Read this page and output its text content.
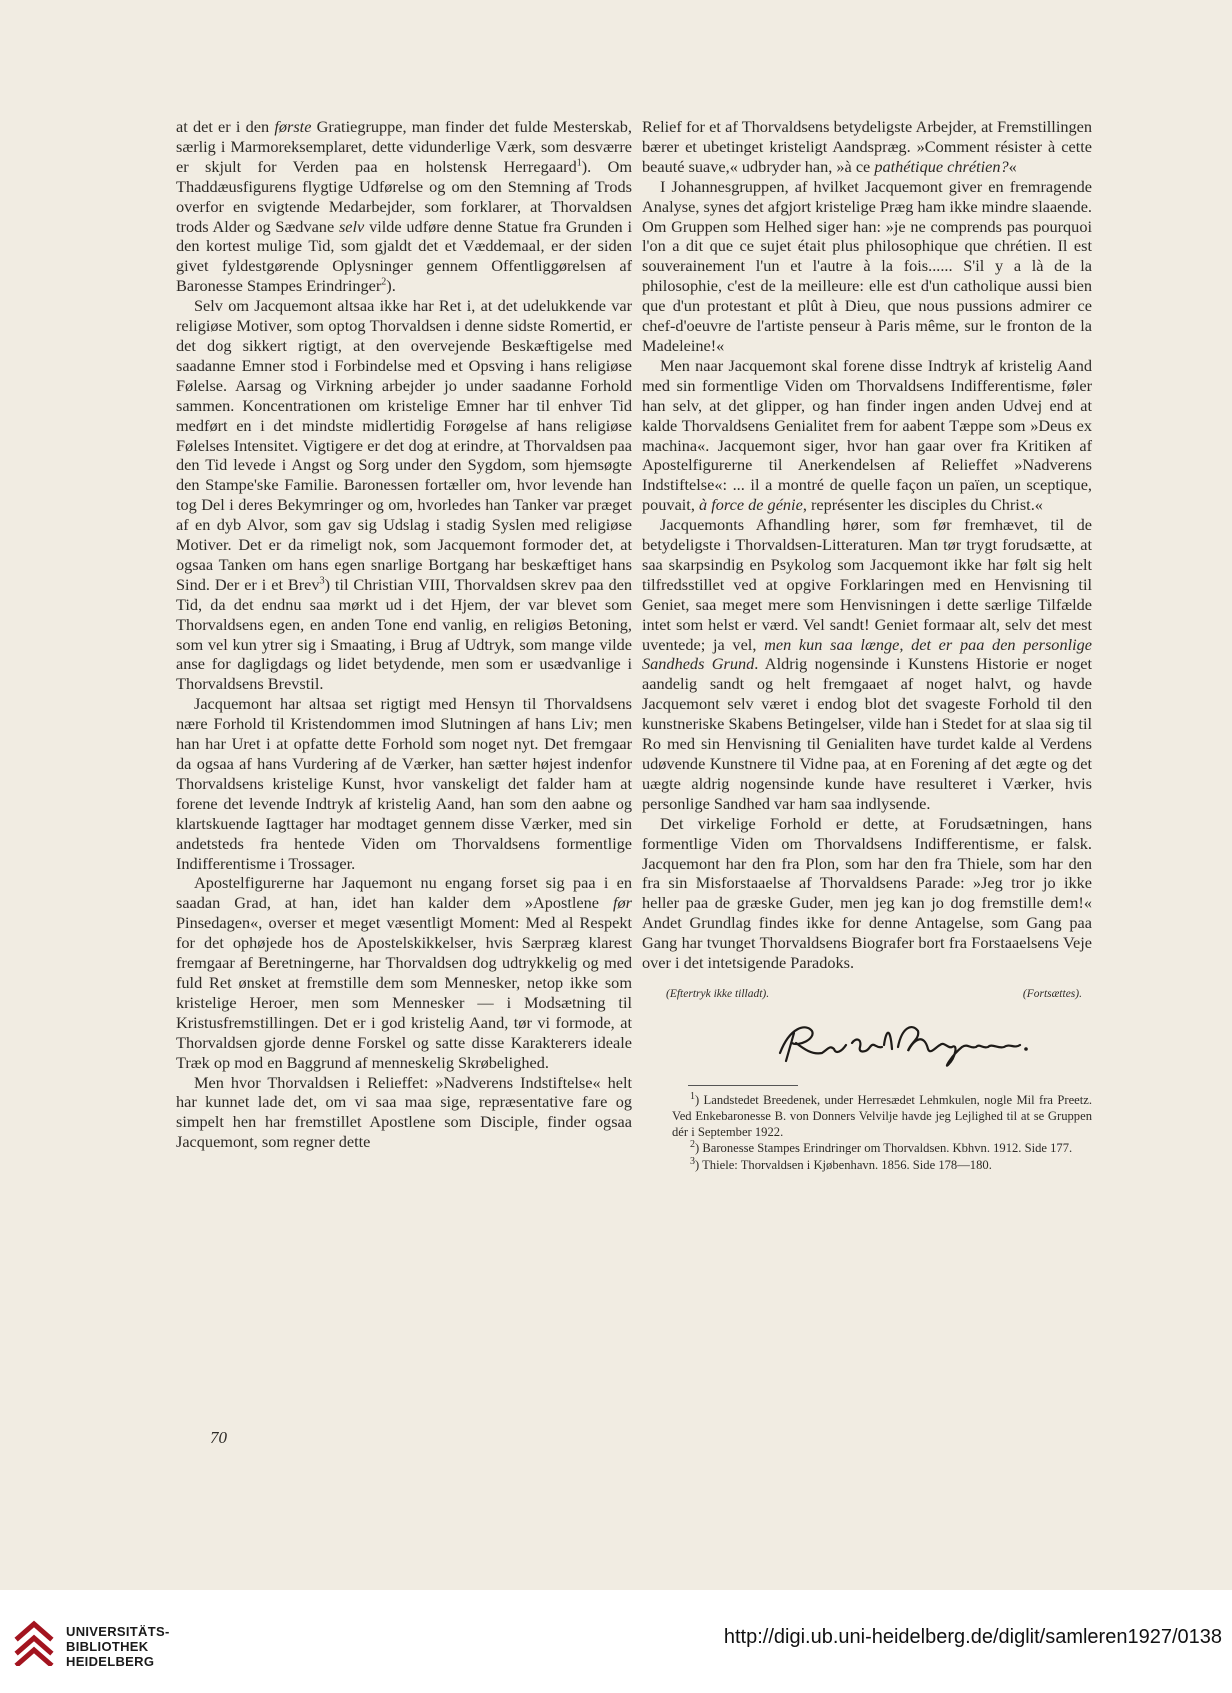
at det er i den første Gratiegruppe, man finder det fulde Mesterskab, særlig i Marmoreksemplaret, dette vidunderlige Værk, som desværre er skjult for Verden paa en holstensk Herregaard$^1$). Om Thaddæusfigurens flygtige Udførelse og om den Stemning af Trods overfor en svigtende Medarbejder, som forklarer, at Thorvaldsen trods Alder og Sædvane selv vilde udføre denne Statue fra Grunden i den kortest mulige Tid, som gjaldt det et Væddemaal, er der siden givet fyldestgørende Oplysninger gennem Offentliggørelsen af Baronesse Stampes Erindringer$^2$).

Selv om Jacquemont altsaa ikke har Ret i, at det udelukkende var religiøse Motiver, som optog Thorvaldsen i denne sidste Romertid, er det dog sikkert rigtigt, at den overvejende Beskæftigelse med saadanne Emner stod i Forbindelse med et Opsving i hans religiøse Følelse. Aarsag og Virkning arbejder jo under saadanne Forhold sammen. Koncentrationen om kristelige Emner har til enhver Tid medført en i det mindste midlertidig Forøgelse af hans religiøse Følelses Intensitet. Vigtigere er det dog at erindre, at Thorvaldsen paa den Tid levede i Angst og Sorg under den Sygdom, som hjemsøgte den Stampe'ske Familie. Baronessen fortæller om, hvor levende han tog Del i deres Bekymringer og om, hvorledes han Tanker var præget af en dyb Alvor, som gav sig Udslag i stadig Syslen med religiøse Motiver. Det er da rimeligt nok, som Jacquemont formoder det, at ogsaa Tanken om hans egen snarlige Bortgang har beskæftiget hans Sind. Der er i et Brev$^3$) til Christian VIII, Thorvaldsen skrev paa den Tid, da det endnu saa mørkt ud i det Hjem, der var blevet som Thorvaldsens egen, en anden Tone end vanlig, en religiøs Betoning, som vel kun ytrer sig i Smaating, i Brug af Udtryk, som mange vilde anse for dagligdags og lidet betydende, men som er usædvanlige i Thorvaldsens Brevstil.

Jacquemont har altsaa set rigtigt med Hensyn til Thorvaldsens nære Forhold til Kristendommen imod Slutningen af hans Liv; men han har Uret i at opfatte dette Forhold som noget nyt. Det fremgaar da ogsaa af hans Vurdering af de Værker, han sætter højest indenfor Thorvaldsens kristelige Kunst, hvor vanskeligt det falder ham at forene det levende Indtryk af kristelig Aand, han som den aabne og klartskuende Iagttager har modtaget gennem disse Værker, med sin andetsteds fra hentede Viden om Thorvaldsens formentlige Indifferentisme i Trossager.

Apostelfigurerne har Jaquemont nu engang forset sig paa i en saadan Grad, at han, idet han kalder dem »Apostlene før Pinsedagen«, overser et meget væsentligt Moment: Med al Respekt for det ophøjede hos de Apostelskikkelser, hvis Særpræg klarest fremgaar af Beretningerne, har Thorvaldsen dog udtrykkelig og med fuld Ret ønsket at fremstille dem som Mennesker, netop ikke som kristelige Heroer, men som Mennesker — i Modsætning til Kristusfremstillingen. Det er i god kristelig Aand, tør vi formode, at Thorvaldsen gjorde denne Forskel og satte disse Karakterers ideale Træk op mod en Baggrund af menneskelig Skrøbelighed.

Men hvor Thorvaldsen i Relieffet: »Nadverens Indstiftelse« helt har kunnet lade det, om vi saa maa sige, repræsentative fare og simpelt hen har fremstillet Apostlene som Disciple, finder ogsaa Jacquemont, som regner dette

Relief for et af Thorvaldsens betydeligste Arbejder, at Fremstillingen bærer et ubetinget kristeligt Aandspræg. »Comment résister à cette beauté suave,« udbryder han, »à ce pathétique chrétien?«

I Johannesgruppen, af hvilket Jacquemont giver en fremragende Analyse, synes det afgjort kristelige Præg ham ikke mindre slaaende. Om Gruppen som Helhed siger han: »je ne comprends pas pourquoi l'on a dit que ce sujet était plus philosophique que chrétien. Il est souverainement l'un et l'autre à la fois...... S'il y a là de la philosophie, c'est de la meilleure: elle est d'un catholique aussi bien que d'un protestant et plût à Dieu, que nous pussions admirer ce chef-d'oeuvre de l'artiste penseur à Paris même, sur le fronton de la Madeleine!«

Men naar Jacquemont skal forene disse Indtryk af kristelig Aand med sin formentlige Viden om Thorvaldsens Indifferentisme, føler han selv, at det glipper, og han finder ingen anden Udvej end at kalde Thorvaldsens Genialitet frem for aabent Tæppe som »Deus ex machina«. Jacquemont siger, hvor han gaar over fra Kritiken af Apostelfigurerne til Anerkendelsen af Relieffet »Nadverens Indstiftelse«: ... il a montré de quelle façon un païen, un sceptique, pouvait, à force de génie, représenter les disciples du Christ.«

Jacquemonts Afhandling hører, som før fremhævet, til de betydeligste i Thorvaldsen-Litteraturen. Man tør trygt forudsætte, at saa skarpsindig en Psykolog som Jacquemont ikke har følt sig helt tilfredsstillet ved at opgive Forklaringen med en Henvisning til Geniet, saa meget mere som Henvisningen i dette særlige Tilfælde intet som helst er værd. Vel sandt! Geniet formaar alt, selv det mest uventede; ja vel, men kun saa længe, det er paa den personlige Sandheds Grund. Aldrig nogensinde i Kunstens Historie er noget aandelig sandt og helt fremgaaet af noget halvt, og havde Jacquemont selv været i endog blot det svageste Forhold til den kunstneriske Skabens Betingelser, vilde han i Stedet for at slaa sig til Ro med sin Henvisning til Genialiten have turdet kalde al Verdens udøvende Kunstnere til Vidne paa, at en Forening af det ægte og det uægte aldrig nogensinde kunde have resulteret i Værker, hvis personlige Sandhed var ham saa indlysende.

Det virkelige Forhold er dette, at Forudsætningen, hans formentlige Viden om Thorvaldsens Indifferentisme, er falsk. Jacquemont har den fra Plon, som har den fra Thiele, som har den fra sin Misforstaaelse af Thorvaldsens Parade: »Jeg tror jo ikke heller paa de græske Guder, men jeg kan jo dog fremstille dem!« Andet Grundlag findes ikke for denne Antagelse, som Gang paa Gang har tvunget Thorvaldsens Biografer bort fra Forstaaelsens Veje over i det intetsigende Paradoks.

(Eftertryk ikke tilladt).	(Fortsættes).

$^1$) Landstedet Breedenek, under Herresædet Lehmkulen, nogle Mil fra Preetz. Ved Enkebaronesse B. von Donners Velvilje havde jeg Lejlighed til at se Gruppen dér i September 1922.

$^2$) Baronesse Stampes Erindringer om Thorvaldsen. Kbhvn. 1912. Side 177.

$^3$) Thiele: Thorvaldsen i Kjøbenhavn. 1856. Side 178—180.

70
UNIVERSITÄTS-
BIBLIOTHEK
HEIDELBERG
http://digi.ub.uni-heidelberg.de/diglit/samleren1927/0138
